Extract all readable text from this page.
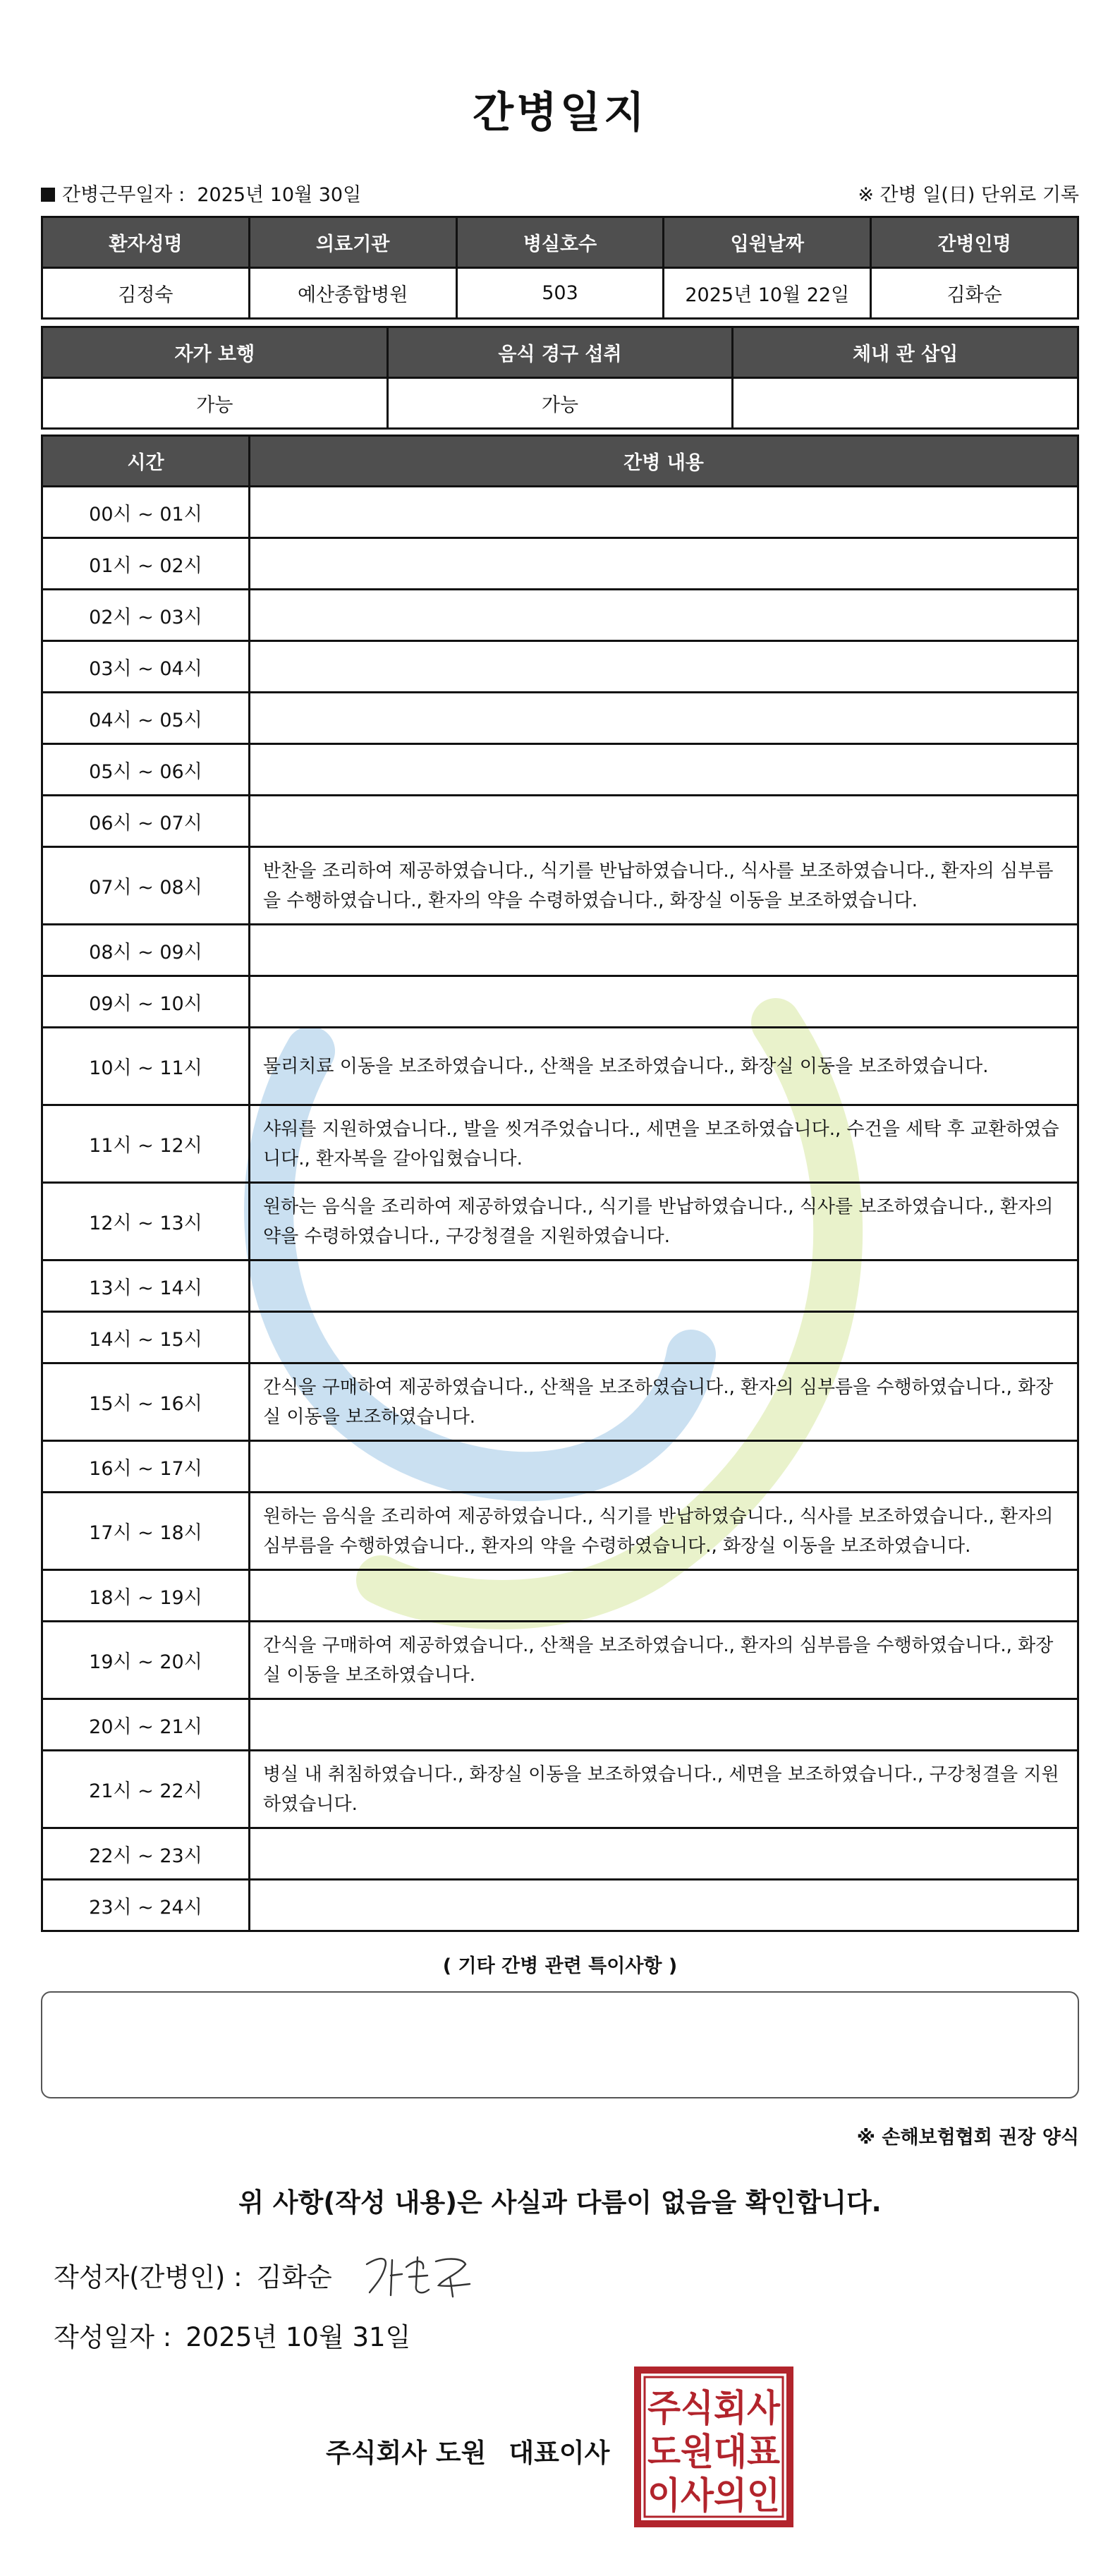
간병일지
간병근무일자 : 2025년 10월 30일	※ 간병 일(日) 단위로 기록
환자성명	의료기관	병실호수	입원날짜	간병인명
김정숙	예산종합병원	503	2025년 10월 22일	김화순
자가 보행	음식 경구 섭취	체내 관 삽입
가능	가능	
시간	간병 내용
00시 ~ 01시	
01시 ~ 02시	
02시 ~ 03시	
03시 ~ 04시	
04시 ~ 05시	
05시 ~ 06시	
06시 ~ 07시	
07시 ~ 08시	반찬을 조리하여 제공하였습니다., 식기를 반납하였습니다., 식사를 보조하였습니다., 환자의 심부름을 수행하였습니다., 환자의 약을 수령하였습니다., 화장실 이동을 보조하였습니다.
08시 ~ 09시	
09시 ~ 10시	
10시 ~ 11시	물리치료 이동을 보조하였습니다., 산책을 보조하였습니다., 화장실 이동을 보조하였습니다.
11시 ~ 12시	샤워를 지원하였습니다., 발을 씻겨주었습니다., 세면을 보조하였습니다., 수건을 세탁 후 교환하였습니다., 환자복을 갈아입혔습니다.
12시 ~ 13시	원하는 음식을 조리하여 제공하였습니다., 식기를 반납하였습니다., 식사를 보조하였습니다., 환자의 약을 수령하였습니다., 구강청결을 지원하였습니다.
13시 ~ 14시	
14시 ~ 15시	
15시 ~ 16시	간식을 구매하여 제공하였습니다., 산책을 보조하였습니다., 환자의 심부름을 수행하였습니다., 화장실 이동을 보조하였습니다.
16시 ~ 17시	
17시 ~ 18시	원하는 음식을 조리하여 제공하였습니다., 식기를 반납하였습니다., 식사를 보조하였습니다., 환자의 심부름을 수행하였습니다., 환자의 약을 수령하였습니다., 화장실 이동을 보조하였습니다.
18시 ~ 19시	
19시 ~ 20시	간식을 구매하여 제공하였습니다., 산책을 보조하였습니다., 환자의 심부름을 수행하였습니다., 화장실 이동을 보조하였습니다.
20시 ~ 21시	
21시 ~ 22시	병실 내 취침하였습니다., 화장실 이동을 보조하였습니다., 세면을 보조하였습니다., 구강청결을 지원하였습니다.
22시 ~ 23시	
23시 ~ 24시	
( 기타 간병 관련 특이사항 )
※ 손해보험협회 권장 양식
위 사항(작성 내용)은 사실과 다름이 없음을 확인합니다.
작성자(간병인) : 김화순
작성일자 : 2025년 10월 31일
주식회사 도원 대표이사
주식회사
도원대표
이사의인
